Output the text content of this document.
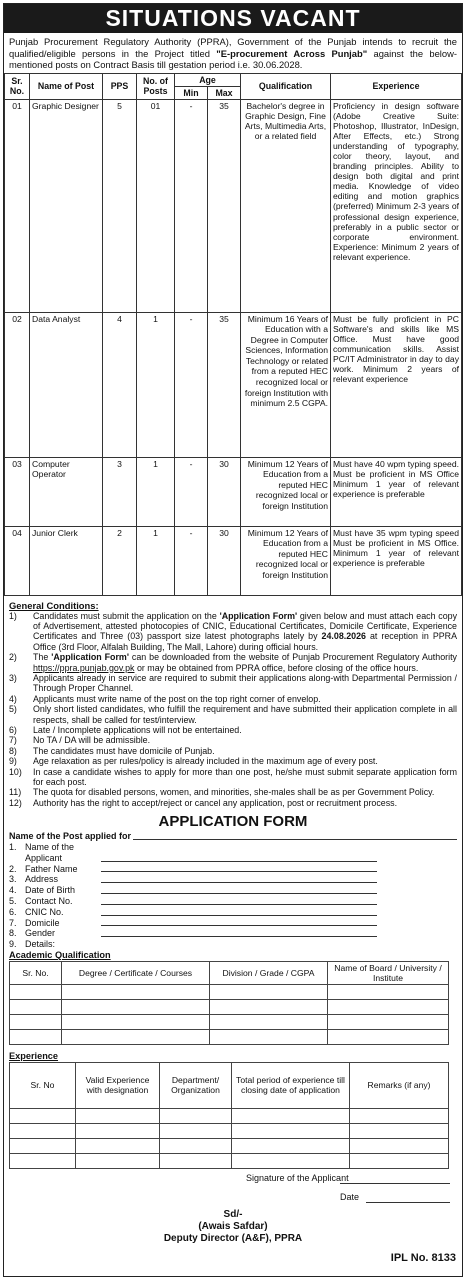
SITUATIONS VACANT
Punjab Procurement Regulatory Authority (PPRA), Government of the Punjab intends to recruit the qualified/eligible persons in the Project titled "E-procurement Across Punjab" against the below-mentioned posts on Contract Basis till gestation period i.e. 30.06.2028.
Sr. No.	Name of Post	PPS	No. of Posts	Age		Qualification	Experience
				Min	Max		
01	Graphic Designer	5	01	-	35	Bachelor's degree in Graphic Design, Fine Arts, Multimedia Arts, or a related field	Proficiency in design software (Adobe Creative Suite: Photoshop, Illustrator, InDesign, After Effects, etc.) Strong understanding of typography, color theory, layout, and branding principles. Ability to design both digital and print media. Knowledge of video editing and motion graphics (preferred) Minimum 2-3 years of professional design experience, preferably in a public sector or corporate environment. Experience: Minimum 2 years of relevant experience.
02	Data Analyst	4	1	-	35	Minimum 16 Years of Education with a Degree in Computer Sciences, Information Technology or related from a reputed HEC recognized local or foreign Institution with minimum 2.5 CGPA.	Must be fully proficient in PC Software's and skills like MS Office. Must have good communication skills. Assist PC/IT Administrator in day to day work. Minimum 2 years of relevant experience
03	Computer Operator	3	1	-	30	Minimum 12 Years of Education from a reputed HEC recognized local or foreign Institution	Must have 40 wpm typing speed. Must be proficient in MS Office Minimum 1 year of relevant experience is preferable
04	Junior Clerk	2	1	-	30	Minimum 12 Years of Education from a reputed HEC recognized local or foreign Institution	Must have 35 wpm typing speed Must be proficient in MS Office. Minimum 1 year of relevant experience is preferable
General Conditions:
1)	Candidates must submit the application on the 'Application Form' given below and must attach each copy of Advertisement, attested photocopies of CNIC, Educational Certificates, Domicile Certificate, Experience Certificates and Three (03) passport size latest photographs lately by 24.08.2026 at reception in PPRA Office (3rd Floor, Alfalah Building, The Mall, Lahore) during official hours.
2)	The 'Application Form' can be downloaded from the website of Punjab Procurement Regulatory Authority https://ppra.punjab.gov.pk or may be obtained from PPRA office, before closing of the office hours.
3)	Applicants already in service are required to submit their applications along-with Departmental Permission / Through Proper Channel.
4)	Applicants must write name of the post on the top right corner of envelop.
5)	Only short listed candidates, who fulfill the requirement and have submitted their application complete in all respects, shall be called for test/interview.
6)	Late / Incomplete applications will not be entertained.
7)	No TA / DA will be admissible.
8)	The candidates must have domicile of Punjab.
9)	Age relaxation as per rules/policy is already included in the maximum age of every post.
10)	In case a candidate wishes to apply for more than one post, he/she must submit separate application form for each post.
11)	The quota for disabled persons, women, and minorities, she-males shall be as per Government Policy.
12)	Authority has the right to accept/reject or cancel any application, post or recruitment process.
APPLICATION FORM
Name of the Post applied for
1. Name of the Applicant
2. Father Name
3. Address
4. Date of Birth
5. Contact No.
6. CNIC No.
7. Domicile
8. Gender
9. Details:
Academic Qualification
Sr. No.	Degree / Certificate / Courses	Division / Grade / CGPA	Name of Board / University / Institute

Experience
Sr. No	Valid Experience with designation	Department/ Organization	Total period of experience till closing date of application	Remarks (if any)

Signature of the Applicant
Date
Sd/-
(Awais Safdar)
Deputy Director (A&F), PPRA
IPL No. 8133
